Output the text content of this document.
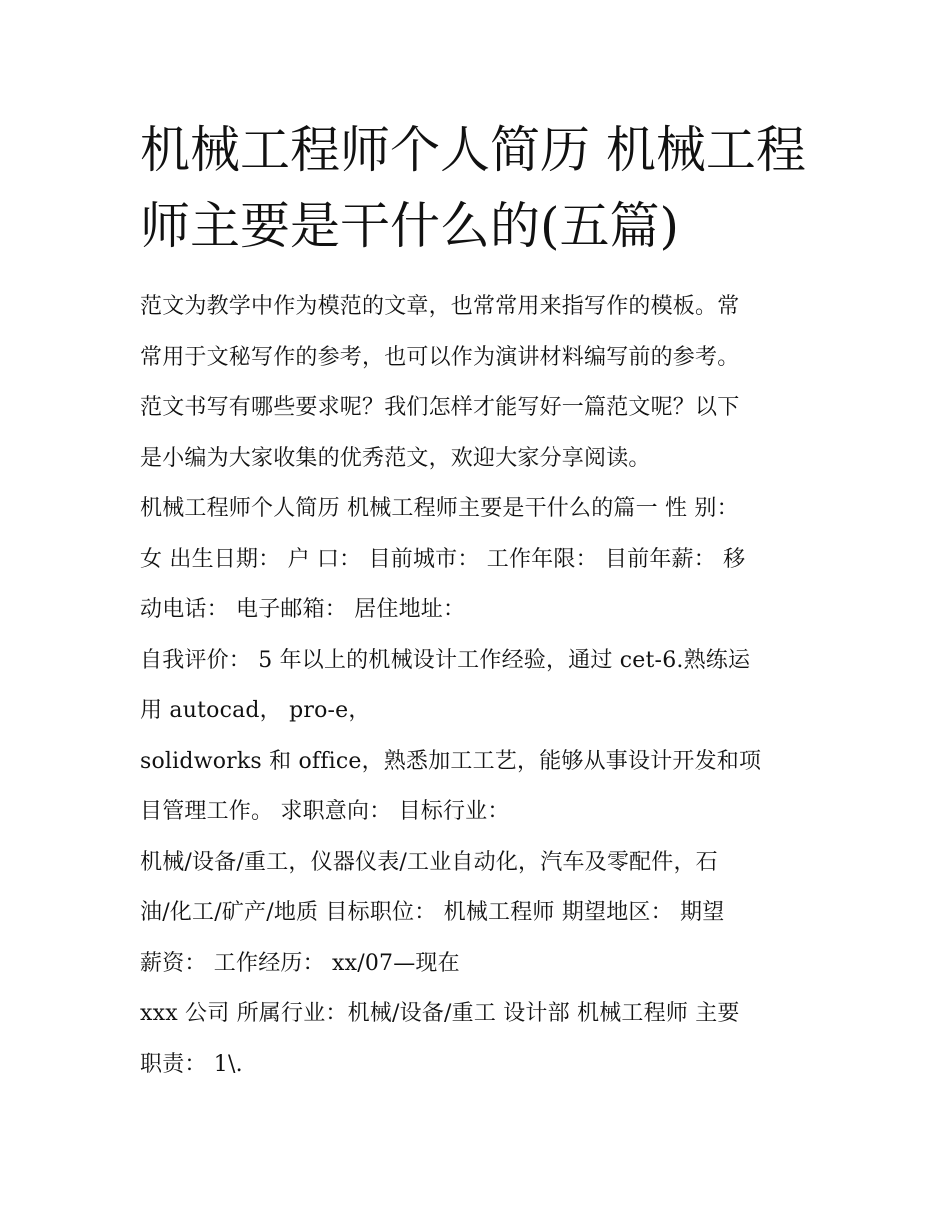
机械工程师个人简历 机械工程
师主要是干什么的(五篇)

范文为教学中作为模范的文章，也常常用来指写作的模板。常
常用于文秘写作的参考，也可以作为演讲材料编写前的参考。
范文书写有哪些要求呢？我们怎样才能写好一篇范文呢？以下
是小编为大家收集的优秀范文，欢迎大家分享阅读。

机械工程师个人简历 机械工程师主要是干什么的篇一 性 别：
女 出生日期： 户 口： 目前城市： 工作年限： 目前年薪： 移
动电话： 电子邮箱： 居住地址：

自我评价： 5 年以上的机械设计工作经验，通过 cet-6.熟练运
用 autocad， pro-e，

solidworks 和 office，熟悉加工工艺，能够从事设计开发和项
目管理工作。 求职意向： 目标行业：

机械/设备/重工，仪器仪表/工业自动化，汽车及零配件，石
油/化工/矿产/地质 目标职位： 机械工程师 期望地区： 期望
薪资： 工作经历： xx/07—现在

xxx 公司 所属行业：机械/设备/重工 设计部 机械工程师 主要
职责： 1\.
